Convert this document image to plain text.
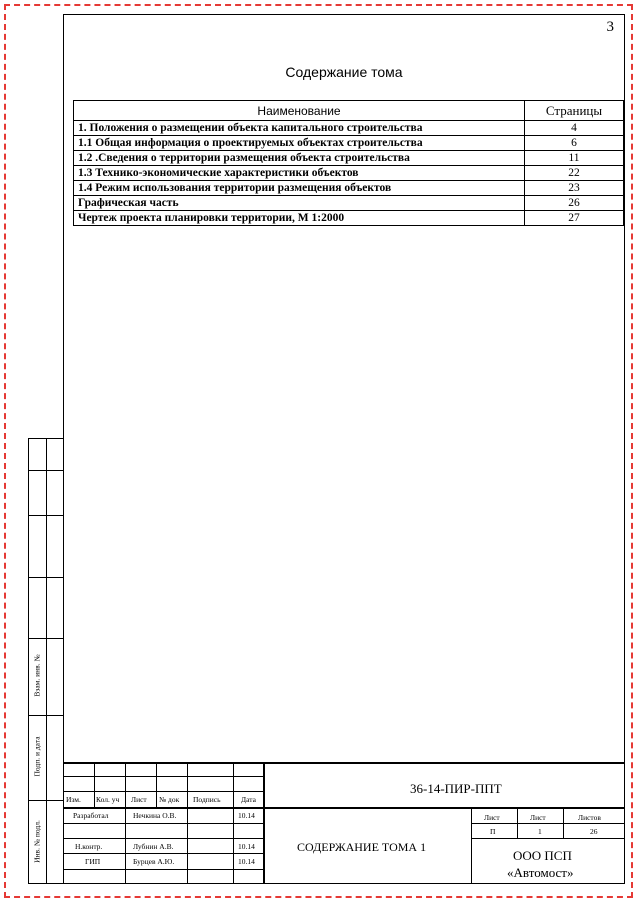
3
Содержание тома
Наименование	Страницы
1. Положения о размещении объекта капитального строительства	4
1.1 Общая информация о проектируемых объектах строительства	6
1.2 .Сведения о территории размещения объекта строительства	11
1.3 Технико-экономические характеристики объектов	22
1.4 Режим использования территории размещения объектов	23
Графическая часть	26
Чертеж проекта планировки территории, М 1:2000	27
Взам. инв. №
Подп. и дата
Инв. № подл.
Изм. Кол. уч Лист № док Подпись	Дата
Разработал	Нечкина О.В.	10.14
Н.контр.	Лубнин А.В.	10.14
ГИП	Бурцев А.Ю.	10.14
36-14-ПИР-ППТ
СОДЕРЖАНИЕ ТОМА 1
Лист	Лист	Листов
П	1	26
ООО ПСП
«Автомост»
